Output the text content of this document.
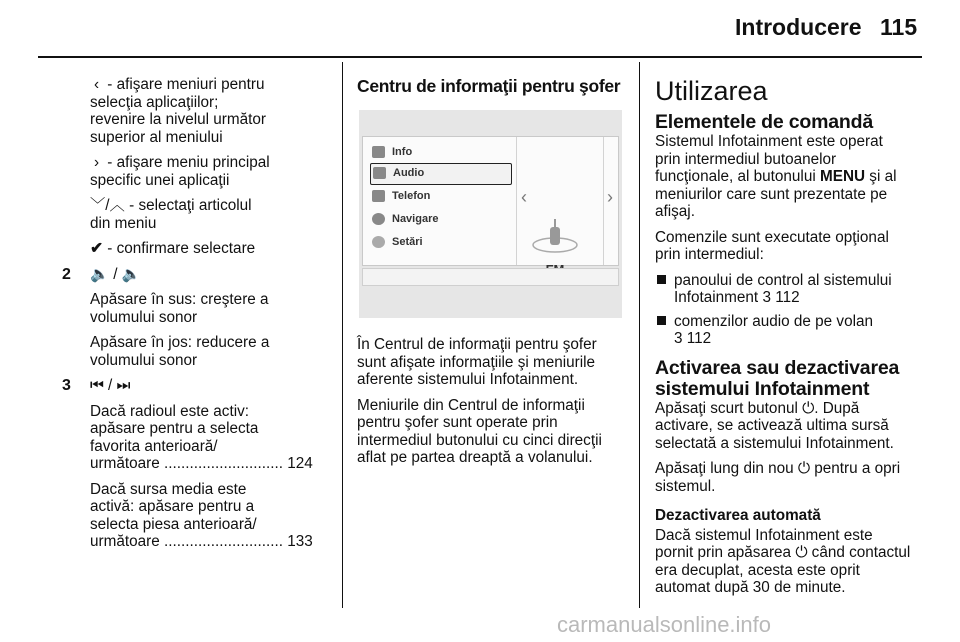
Introducere 115

‹ - afişare meniuri pentru
selecţia aplicaţiilor;
revenire la nivelul următor
superior al meniului

› - afişare meniu principal
specific unei aplicaţii

﹀/︿ - selectaţi articolul
din meniu

✔ - confirmare selectare

2 🔈 / 🔈

Apăsare în sus: creştere a
volumului sonor

Apăsare în jos: reducere a
volumului sonor

3 ⏮ / ⏭

Dacă radioul este activ:
apăsare pentru a selecta
favorita anterioară/
următoare ............................ 124

Dacă sursa media este
activă: apăsare pentru a
selecta piesa anterioară/
următoare ............................ 133

Centru de informaţii pentru şofer
Info
Audio
Telefon
Navigare
Setări
‹	›

În Centrul de informaţii pentru şofer
sunt afişate informaţiile şi meniurile
aferente sistemului Infotainment.

Meniurile din Centrul de informaţii
pentru şofer sunt operate prin
intermediul butonului cu cinci direcţii
aflat pe partea dreaptă a volanului.

Utilizarea
Elementele de comandă

Sistemul Infotainment este operat
prin intermediul butoanelor
funcţionale, al butonului MENU şi al
meniurilor care sunt prezentate pe
afişaj.

Comenzile sunt executate opţional
prin intermediul:

panoului de control al sistemului
Infotainment 3 112
comenzilor audio de pe volan
3 112
Activarea sau dezactivarea
sistemului Infotainment

Apăsaţi scurt butonul ⏻. După
activare, se activează ultima sursă
selectată a sistemului Infotainment.

Apăsaţi lung din nou ⏻ pentru a opri
sistemul.

Dezactivarea automată

Dacă sistemul Infotainment este
pornit prin apăsarea ⏻ când contactul
era decuplat, acesta este oprit
automat după 30 de minute.

carmanualsonline.info
